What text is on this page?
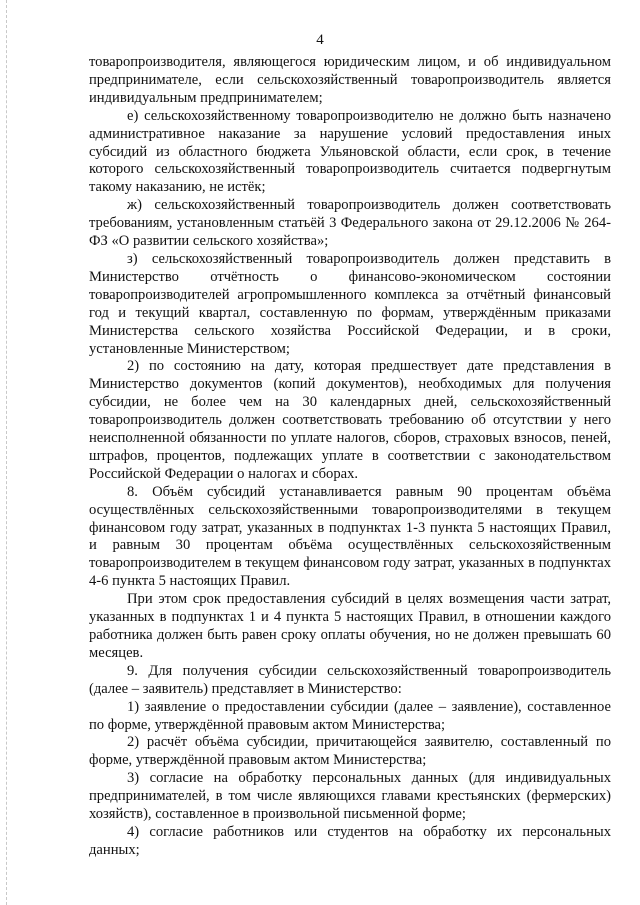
4

товаропроизводителя, являющегося юридическим лицом, и об индивидуальном предпринимателе, если сельскохозяйственный товаропроизводитель является индивидуальным предпринимателем;

е) сельскохозяйственному товаропроизводителю не должно быть назначено административное наказание за нарушение условий предоставления иных субсидий из областного бюджета Ульяновской области, если срок, в течение которого сельскохозяйственный товаропроизводитель считается подвергнутым такому наказанию, не истёк;

ж) сельскохозяйственный товаропроизводитель должен соответствовать требованиям, установленным статьёй 3 Федерального закона от 29.12.2006 № 264-ФЗ «О развитии сельского хозяйства»;

з) сельскохозяйственный товаропроизводитель должен представить в Министерство отчётность о финансово-экономическом состоянии товаропроизводителей агропромышленного комплекса за отчётный финансовый год и текущий квартал, составленную по формам, утверждённым приказами Министерства сельского хозяйства Российской Федерации, и в сроки, установленные Министерством;

2) по состоянию на дату, которая предшествует дате представления в Министерство документов (копий документов), необходимых для получения субсидии, не более чем на 30 календарных дней, сельскохозяйственный товаропроизводитель должен соответствовать требованию об отсутствии у него неисполненной обязанности по уплате налогов, сборов, страховых взносов, пеней, штрафов, процентов, подлежащих уплате в соответствии с законодательством Российской Федерации о налогах и сборах.

8. Объём субсидий устанавливается равным 90 процентам объёма осуществлённых сельскохозяйственными товаропроизводителями в текущем финансовом году затрат, указанных в подпунктах 1-3 пункта 5 настоящих Правил, и равным 30 процентам объёма осуществлённых сельскохозяйственным товаропроизводителем в текущем финансовом году затрат, указанных в подпунктах 4-6 пункта 5 настоящих Правил.

При этом срок предоставления субсидий в целях возмещения части затрат, указанных в подпунктах 1 и 4 пункта 5 настоящих Правил, в отношении каждого работника должен быть равен сроку оплаты обучения, но не должен превышать 60 месяцев.

9. Для получения субсидии сельскохозяйственный товаропроизводитель (далее – заявитель) представляет в Министерство:

1) заявление о предоставлении субсидии (далее – заявление), составленное по форме, утверждённой правовым актом Министерства;

2) расчёт объёма субсидии, причитающейся заявителю, составленный по форме, утверждённой правовым актом Министерства;

3) согласие на обработку персональных данных (для индивидуальных предпринимателей, в том числе являющихся главами крестьянских (фермерских) хозяйств), составленное в произвольной письменной форме;

4) согласие работников или студентов на обработку их персональных данных;
